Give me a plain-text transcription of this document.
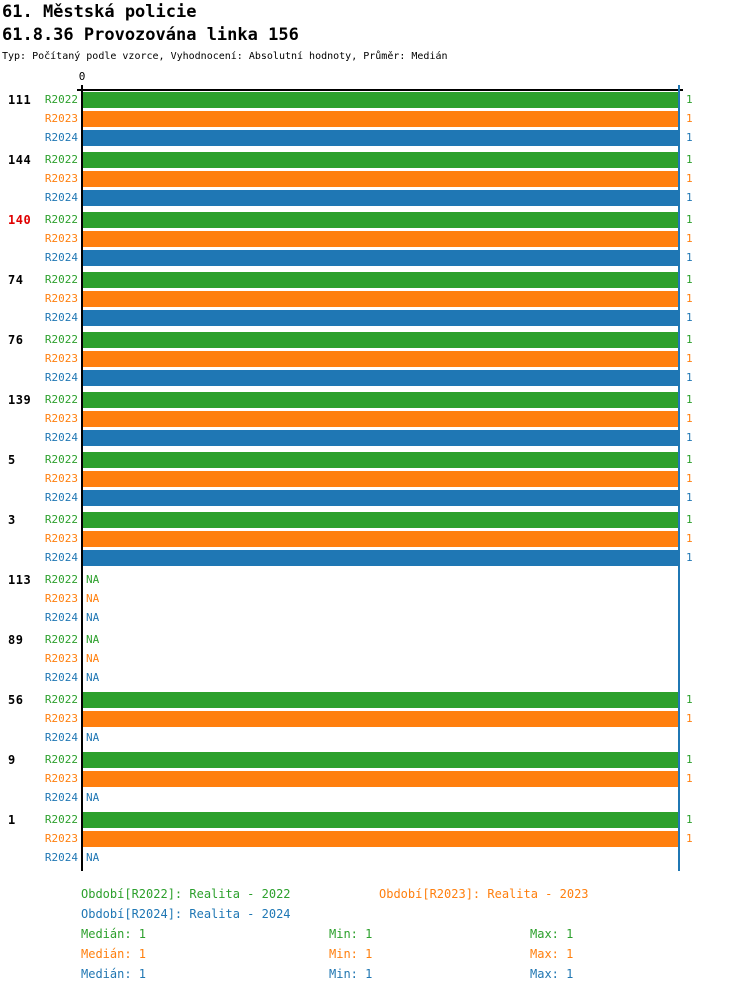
61. Městská policie
61.8.36 Provozována linka 156
Typ: Počítaný podle vzorce, Vyhodnocení: Absolutní hodnoty, Průměr: Medián
0
111	R2022	1
R2023	1
R2024	1
144	R2022	1
R2023	1
R2024	1
140	R2022	1
R2023	1
R2024	1
74	R2022	1
R2023	1
R2024	1
76	R2022	1
R2023	1
R2024	1
139	R2022	1
R2023	1
R2024	1
5	R2022	1
R2023	1
R2024	1
3	R2022	1
R2023	1
R2024	1
113	R2022 NA
R2023 NA
R2024 NA
89	R2022 NA
R2023 NA
R2024 NA
56	R2022	1
R2023	1
R2024 NA
9	R2022	1
R2023	1
R2024 NA
1	R2022	1
R2023	1
R2024 NA
Období[R2022]: Realita - 2022	Období[R2023]: Realita - 2023
Období[R2024]: Realita - 2024
Medián: 1	Min: 1	Max: 1
Medián: 1	Min: 1	Max: 1
Medián: 1	Min: 1	Max: 1
